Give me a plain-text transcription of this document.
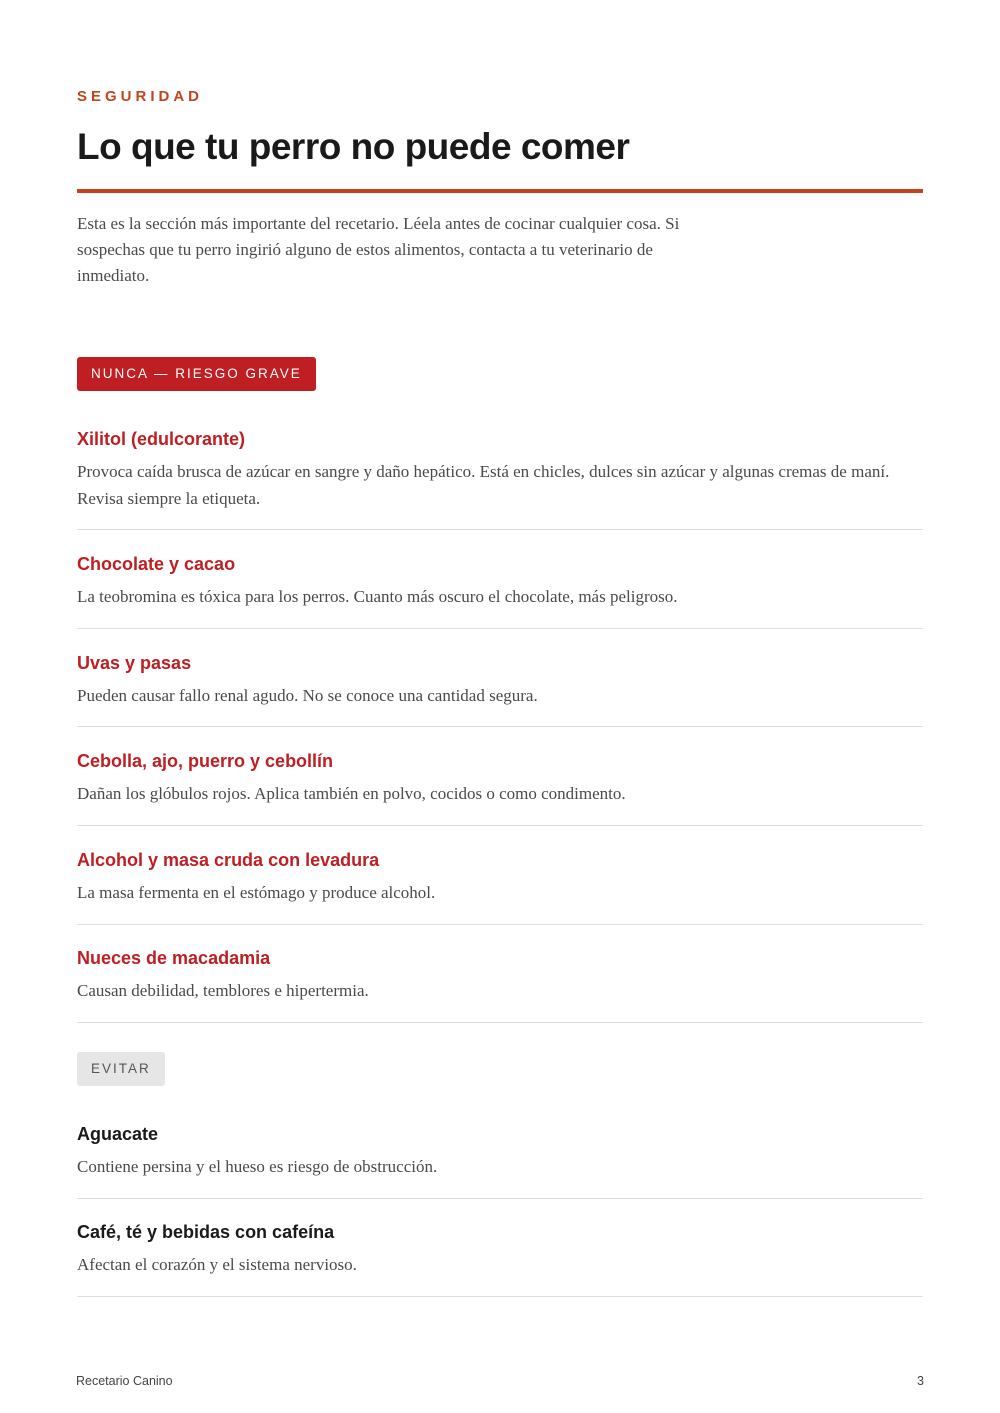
SEGURIDAD
Lo que tu perro no puede comer

Esta es la sección más importante del recetario. Léela antes de cocinar cualquier cosa. Si sospechas que tu perro ingirió alguno de estos alimentos, contacta a tu veterinario de inmediato.

NUNCA — RIESGO GRAVE
Xilitol (edulcorante)

Provoca caída brusca de azúcar en sangre y daño hepático. Está en chicles, dulces sin azúcar y algunas cremas de maní. Revisa siempre la etiqueta.

Chocolate y cacao

La teobromina es tóxica para los perros. Cuanto más oscuro el chocolate, más peligroso.

Uvas y pasas

Pueden causar fallo renal agudo. No se conoce una cantidad segura.

Cebolla, ajo, puerro y cebollín

Dañan los glóbulos rojos. Aplica también en polvo, cocidos o como condimento.

Alcohol y masa cruda con levadura

La masa fermenta en el estómago y produce alcohol.

Nueces de macadamia

Causan debilidad, temblores e hipertermia.

EVITAR
Aguacate

Contiene persina y el hueso es riesgo de obstrucción.

Café, té y bebidas con cafeína

Afectan el corazón y el sistema nervioso.

Recetario Canino	3
